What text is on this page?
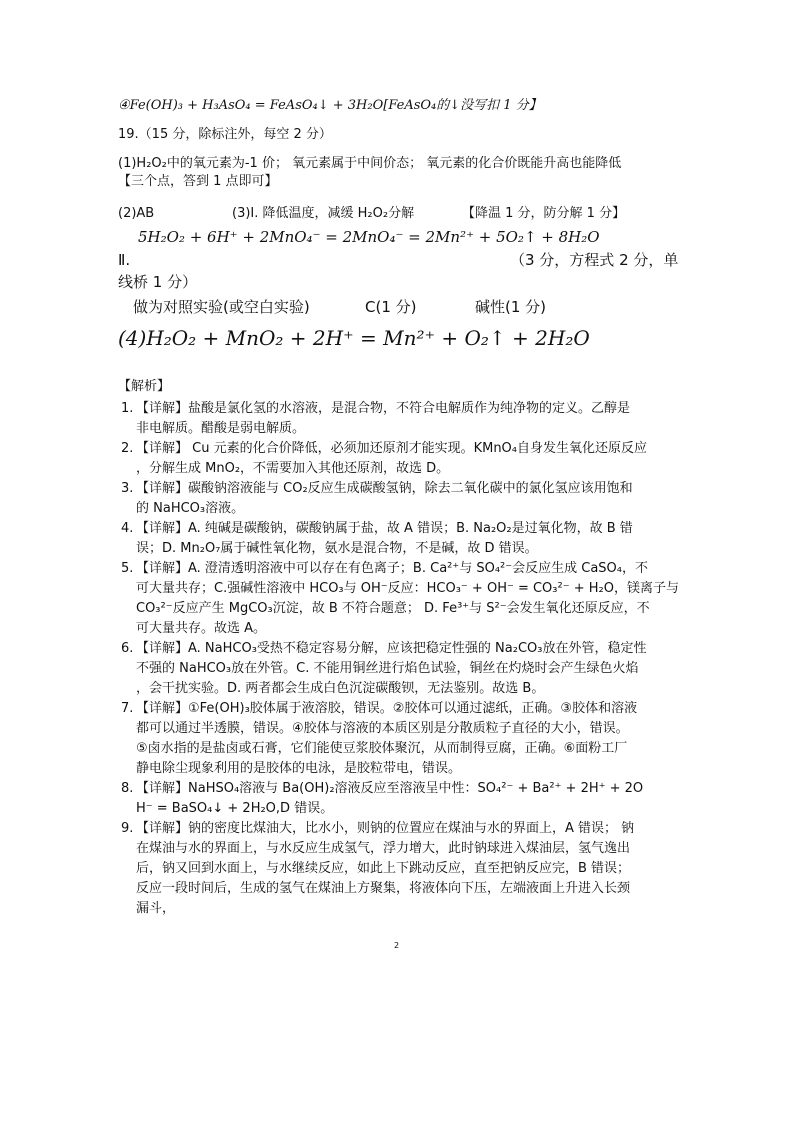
④Fe(OH)₃ + H₃AsO₄ = FeAsO₄↓ + 3H₂O[FeAsO₄的↓没写扣 1 分】
19.（15 分，除标注外，每空 2 分）
(1)H₂O₂中的氧元素为-1 价； 氧元素属于中间价态； 氧元素的化合价既能升高也能降低
【三个点，答到 1 点即可】
(2)AB	(3)I. 降低温度，减缓 H₂O₂分解	【降温 1 分，防分解 1 分】
5H₂O₂ + 6H⁺ + 2MnO₄⁻ = 2MnO₄⁻ = 2Mn²⁺ + 5O₂↑ + 8H₂O
Ⅱ.	（3 分，方程式 2 分，单
线桥 1 分）
做为对照实验(或空白实验)	C(1 分)	碱性(1 分)
(4)H₂O₂ + MnO₂ + 2H⁺ = Mn²⁺ + O₂↑ + 2H₂O
【解析】
1. 【详解】盐酸是氯化氢的水溶液，是混合物，不符合电解质作为纯净物的定义。乙醇是
非电解质。醋酸是弱电解质。
2. 【详解】 Cu 元素的化合价降低，必须加还原剂才能实现。KMnO₄自身发生氧化还原反应
，分解生成 MnO₂，不需要加入其他还原剂，故选 D。
3. 【详解】碳酸钠溶液能与 CO₂反应生成碳酸氢钠，除去二氧化碳中的氯化氢应该用饱和
的 NaHCO₃溶液。
4. 【详解】A. 纯碱是碳酸钠，碳酸钠属于盐，故 A 错误；B. Na₂O₂是过氧化物，故 B 错
误；D. Mn₂O₇属于碱性氧化物，氨水是混合物，不是碱，故 D 错误。
5. 【详解】A. 澄清透明溶液中可以存在有色离子；B. Ca²⁺与 SO₄²⁻会反应生成 CaSO₄，不
可大量共存；C.强碱性溶液中 HCO₃与 OH⁻反应：HCO₃⁻ + OH⁻ = CO₃²⁻ + H₂O，镁离子与
CO₃²⁻反应产生 MgCO₃沉淀，故 B 不符合题意； D. Fe³⁺与 S²⁻会发生氧化还原反应，不
可大量共存。故选 A。
6. 【详解】A. NaHCO₃受热不稳定容易分解，应该把稳定性强的 Na₂CO₃放在外管，稳定性
不强的 NaHCO₃放在外管。C. 不能用铜丝进行焰色试验，铜丝在灼烧时会产生绿色火焰
，会干扰实验。D. 两者都会生成白色沉淀碳酸钡，无法鉴别。故选 B。
7. 【详解】①Fe(OH)₃胶体属于液溶胶，错误。②胶体可以通过滤纸，正确。③胶体和溶液
都可以通过半透膜，错误。④胶体与溶液的本质区别是分散质粒子直径的大小，错误。
⑤卤水指的是盐卤或石膏，它们能使豆浆胶体聚沉，从而制得豆腐，正确。⑥面粉工厂
静电除尘现象利用的是胶体的电泳，是胶粒带电，错误。
8. 【详解】NaHSO₄溶液与 Ba(OH)₂溶液反应至溶液呈中性：SO₄²⁻ + Ba²⁺ + 2H⁺ + 2O
H⁻ = BaSO₄↓ + 2H₂O,D 错误。
9. 【详解】钠的密度比煤油大，比水小，则钠的位置应在煤油与水的界面上，A 错误； 钠
在煤油与水的界面上，与水反应生成氢气，浮力增大，此时钠球进入煤油层，氢气逸出
后，钠又回到水面上，与水继续反应，如此上下跳动反应，直至把钠反应完，B 错误；
反应一段时间后，生成的氢气在煤油上方聚集，将液体向下压，左端液面上升进入长颈
漏斗，
2
